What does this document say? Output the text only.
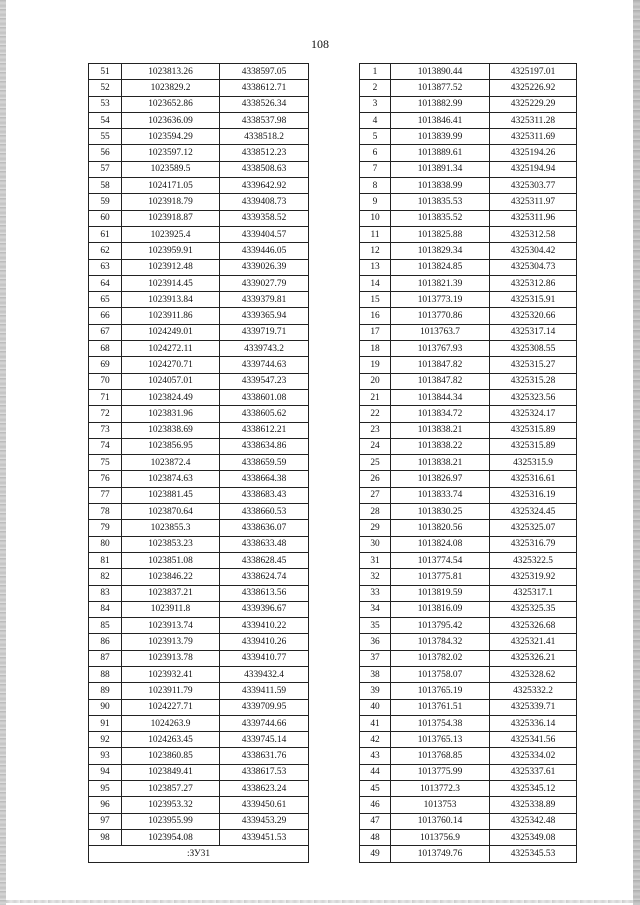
108
51	1023813.26	4338597.05
52	1023829.2	4338612.71
53	1023652.86	4338526.34
54	1023636.09	4338537.98
55	1023594.29	4338518.2
56	1023597.12	4338512.23
57	1023589.5	4338508.63
58	1024171.05	4339642.92
59	1023918.79	4339408.73
60	1023918.87	4339358.52
61	1023925.4	4339404.57
62	1023959.91	4339446.05
63	1023912.48	4339026.39
64	1023914.45	4339027.79
65	1023913.84	4339379.81
66	1023911.86	4339365.94
67	1024249.01	4339719.71
68	1024272.11	4339743.2
69	1024270.71	4339744.63
70	1024057.01	4339547.23
71	1023824.49	4338601.08
72	1023831.96	4338605.62
73	1023838.69	4338612.21
74	1023856.95	4338634.86
75	1023872.4	4338659.59
76	1023874.63	4338664.38
77	1023881.45	4338683.43
78	1023870.64	4338660.53
79	1023855.3	4338636.07
80	1023853.23	4338633.48
81	1023851.08	4338628.45
82	1023846.22	4338624.74
83	1023837.21	4338613.56
84	1023911.8	4339396.67
85	1023913.74	4339410.22
86	1023913.79	4339410.26
87	1023913.78	4339410.77
88	1023932.41	4339432.4
89	1023911.79	4339411.59
90	1024227.71	4339709.95
91	1024263.9	4339744.66
92	1024263.45	4339745.14
93	1023860.85	4338631.76
94	1023849.41	4338617.53
95	1023857.27	4338623.24
96	1023953.32	4339450.61
97	1023955.99	4339453.29
98	1023954.08	4339451.53
:ЗУ31		
1	1013890.44	4325197.01
2	1013877.52	4325226.92
3	1013882.99	4325229.29
4	1013846.41	4325311.28
5	1013839.99	4325311.69
6	1013889.61	4325194.26
7	1013891.34	4325194.94
8	1013838.99	4325303.77
9	1013835.53	4325311.97
10	1013835.52	4325311.96
11	1013825.88	4325312.58
12	1013829.34	4325304.42
13	1013824.85	4325304.73
14	1013821.39	4325312.86
15	1013773.19	4325315.91
16	1013770.86	4325320.66
17	1013763.7	4325317.14
18	1013767.93	4325308.55
19	1013847.82	4325315.27
20	1013847.82	4325315.28
21	1013844.34	4325323.56
22	1013834.72	4325324.17
23	1013838.21	4325315.89
24	1013838.22	4325315.89
25	1013838.21	4325315.9
26	1013826.97	4325316.61
27	1013833.74	4325316.19
28	1013830.25	4325324.45
29	1013820.56	4325325.07
30	1013824.08	4325316.79
31	1013774.54	4325322.5
32	1013775.81	4325319.92
33	1013819.59	4325317.1
34	1013816.09	4325325.35
35	1013795.42	4325326.68
36	1013784.32	4325321.41
37	1013782.02	4325326.21
38	1013758.07	4325328.62
39	1013765.19	4325332.2
40	1013761.51	4325339.71
41	1013754.38	4325336.14
42	1013765.13	4325341.56
43	1013768.85	4325334.02
44	1013775.99	4325337.61
45	1013772.3	4325345.12
46	1013753	4325338.89
47	1013760.14	4325342.48
48	1013756.9	4325349.08
49	1013749.76	4325345.53
